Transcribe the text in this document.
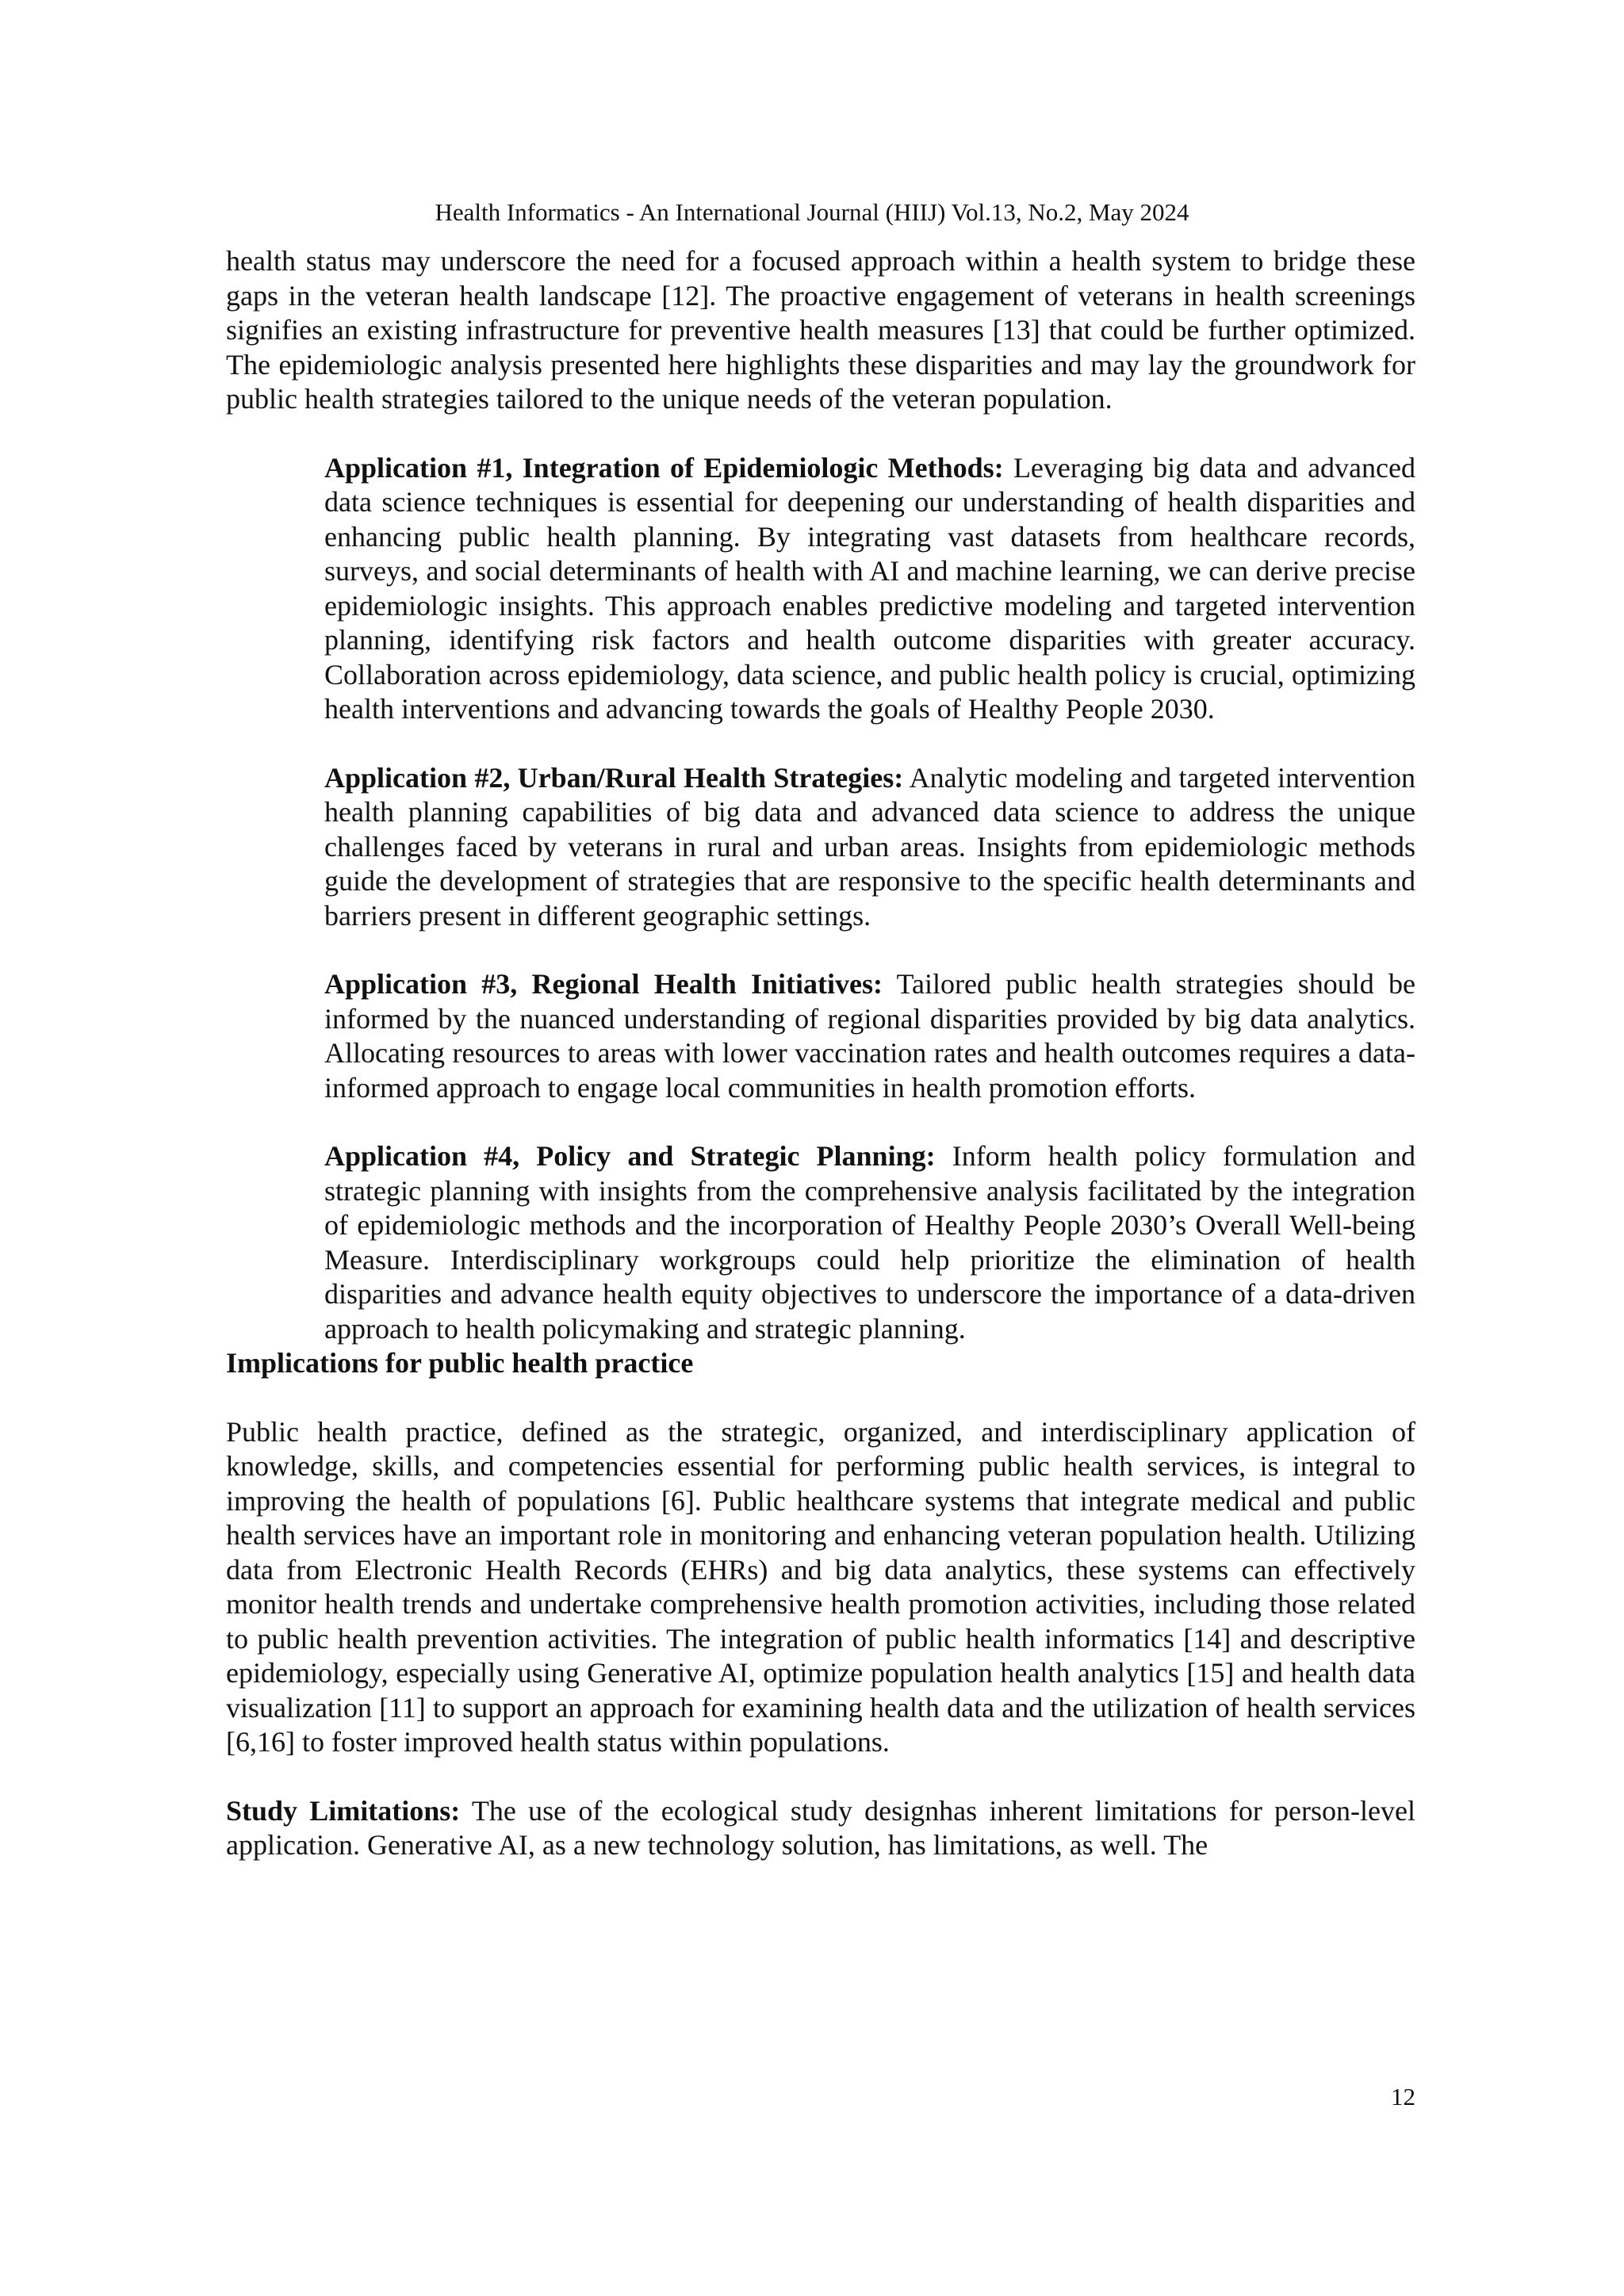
Health Informatics - An International Journal (HIIJ) Vol.13, No.2, May 2024

health status may underscore the need for a focused approach within a health system to bridge these gaps in the veteran health landscape [12]. The proactive engagement of veterans in health screenings signifies an existing infrastructure for preventive health measures [13] that could be further optimized. The epidemiologic analysis presented here highlights these disparities and may lay the groundwork for public health strategies tailored to the unique needs of the veteran population.

Application #1, Integration of Epidemiologic Methods: Leveraging big data and advanced data science techniques is essential for deepening our understanding of health disparities and enhancing public health planning. By integrating vast datasets from healthcare records, surveys, and social determinants of health with AI and machine learning, we can derive precise epidemiologic insights. This approach enables predictive modeling and targeted intervention planning, identifying risk factors and health outcome disparities with greater accuracy. Collaboration across epidemiology, data science, and public health policy is crucial, optimizing health interventions and advancing towards the goals of Healthy People 2030.

Application #2, Urban/Rural Health Strategies: Analytic modeling and targeted intervention health planning capabilities of big data and advanced data science to address the unique challenges faced by veterans in rural and urban areas. Insights from epidemiologic methods guide the development of strategies that are responsive to the specific health determinants and barriers present in different geographic settings.

Application #3, Regional Health Initiatives: Tailored public health strategies should be informed by the nuanced understanding of regional disparities provided by big data analytics. Allocating resources to areas with lower vaccination rates and health outcomes requires a data-informed approach to engage local communities in health promotion efforts.

Application #4, Policy and Strategic Planning: Inform health policy formulation and strategic planning with insights from the comprehensive analysis facilitated by the integration of epidemiologic methods and the incorporation of Healthy People 2030’s Overall Well-being Measure. Interdisciplinary workgroups could help prioritize the elimination of health disparities and advance health equity objectives to underscore the importance of a data-driven approach to health policymaking and strategic planning.

Implications for public health practice

Public health practice, defined as the strategic, organized, and interdisciplinary application of knowledge, skills, and competencies essential for performing public health services, is integral to improving the health of populations [6]. Public healthcare systems that integrate medical and public health services have an important role in monitoring and enhancing veteran population health. Utilizing data from Electronic Health Records (EHRs) and big data analytics, these systems can effectively monitor health trends and undertake comprehensive health promotion activities, including those related to public health prevention activities. The integration of public health informatics [14] and descriptive epidemiology, especially using Generative AI, optimize population health analytics [15] and health data visualization [11] to support an approach for examining health data and the utilization of health services [6,16] to foster improved health status within populations.

Study Limitations: The use of the ecological study designhas inherent limitations for person-level application. Generative AI, as a new technology solution, has limitations, as well. The

12
